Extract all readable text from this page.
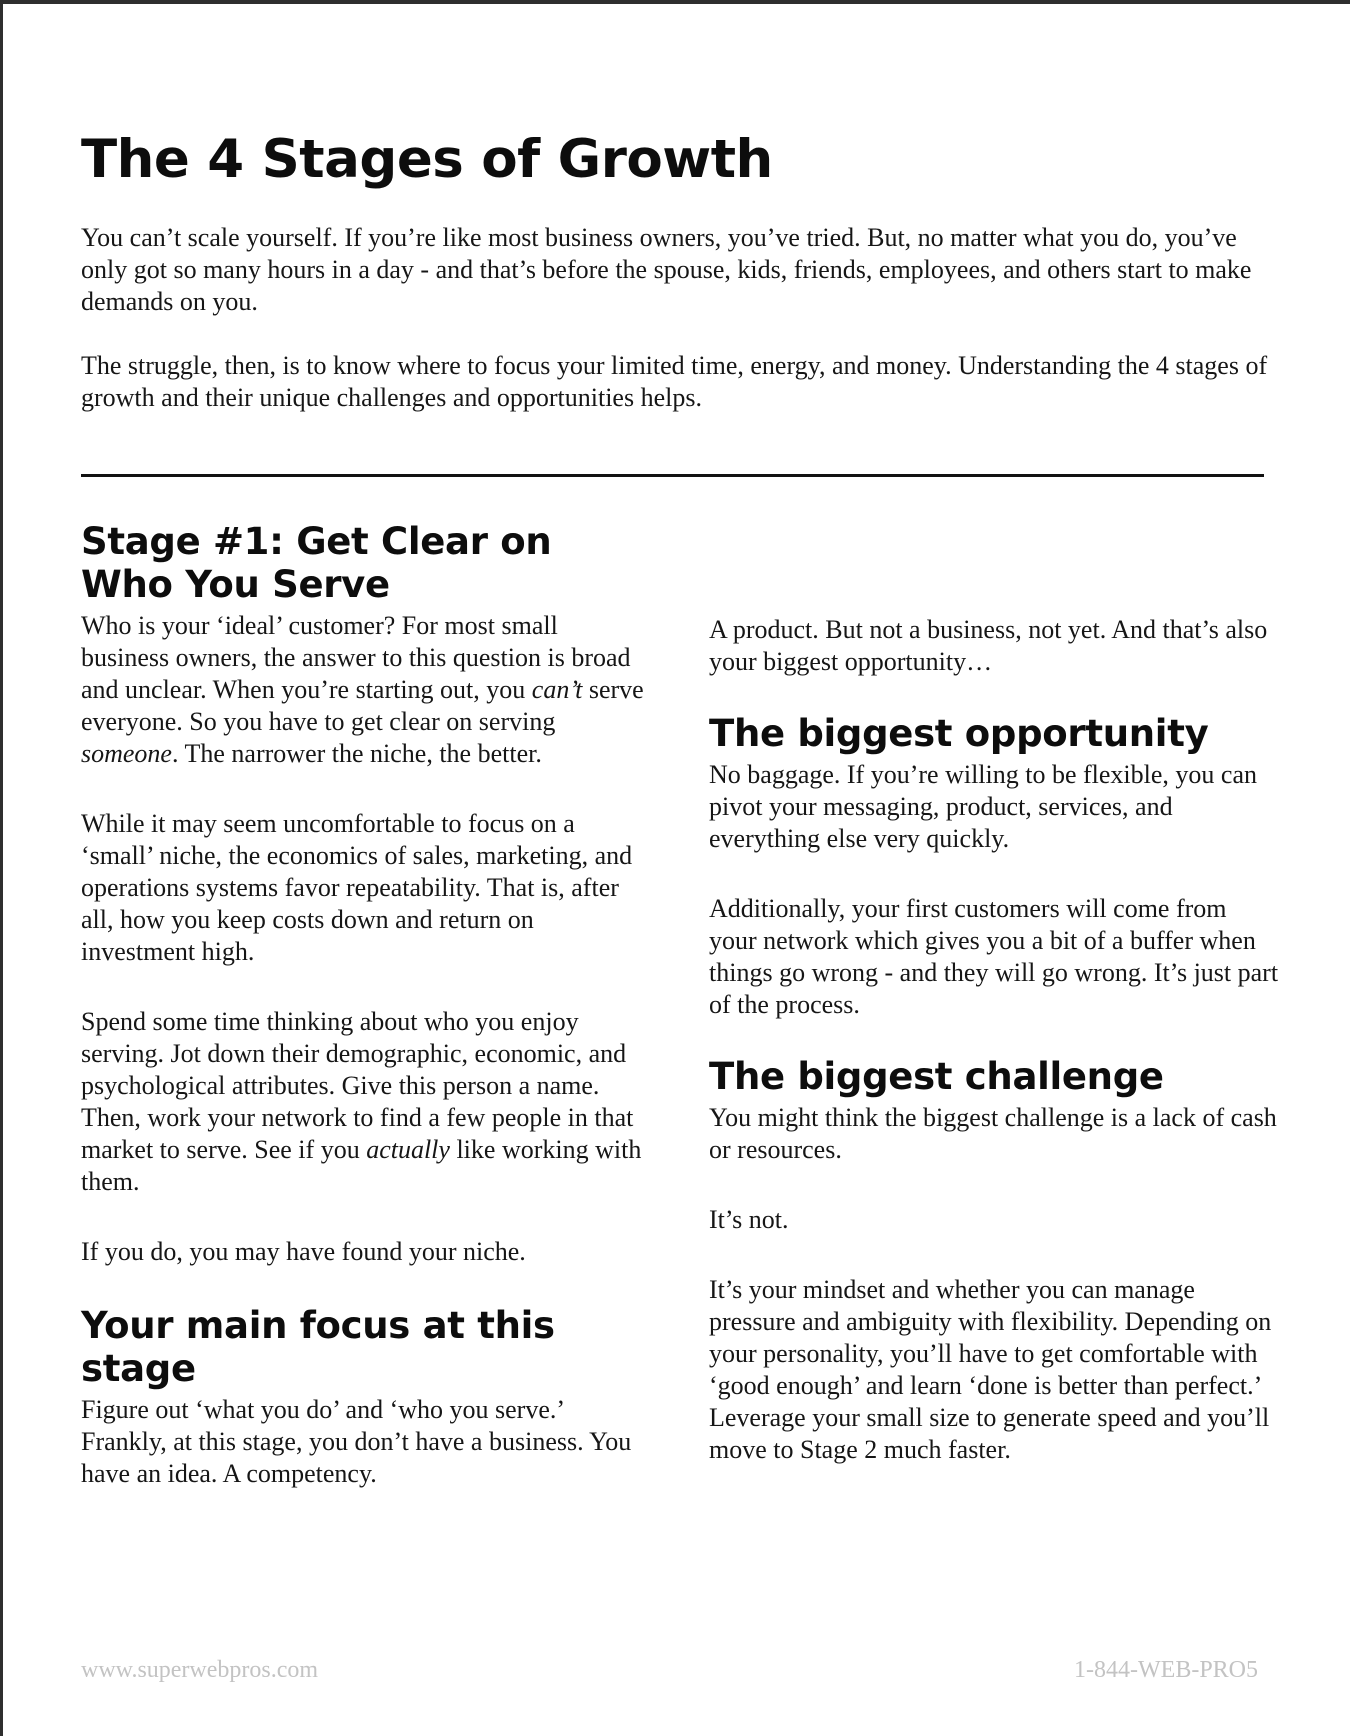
The 4 Stages of Growth

You can’t scale yourself. If you’re like most business owners, you’ve tried. But, no matter what you do, you’ve only got so many hours in a day - and that’s before the spouse, kids, friends, employees, and others start to make demands on you.

The struggle, then, is to know where to focus your limited time, energy, and money. Understanding the 4 stages of growth and their unique challenges and opportunities helps.

Stage #1: Get Clear on Who You Serve

Who is your ‘ideal’ customer? For most small business owners, the answer to this question is broad and unclear. When you’re starting out, you can’t serve everyone. So you have to get clear on serving someone. The narrower the niche, the better.

While it may seem uncomfortable to focus on a ‘small’ niche, the economics of sales, marketing, and operations systems favor repeatability. That is, after all, how you keep costs down and return on investment high.

Spend some time thinking about who you enjoy serving. Jot down their demographic, economic, and psychological attributes. Give this person a name. Then, work your network to find a few people in that market to serve. See if you actually like working with them.

If you do, you may have found your niche.

Your main focus at this stage

Figure out ‘what you do’ and ‘who you serve.’ Frankly, at this stage, you don’t have a business. You have an idea. A competency.

A product. But not a business, not yet. And that’s also your biggest opportunity…

The biggest opportunity

No baggage. If you’re willing to be flexible, you can pivot your messaging, product, services, and everything else very quickly.

Additionally, your first customers will come from your network which gives you a bit of a buffer when things go wrong - and they will go wrong. It’s just part of the process.

The biggest challenge

You might think the biggest challenge is a lack of cash or resources.

It’s not.

It’s your mindset and whether you can manage pressure and ambiguity with flexibility. Depending on your personality, you’ll have to get comfortable with ‘good enough’ and learn ‘done is better than perfect.’ Leverage your small size to generate speed and you’ll move to Stage 2 much faster.

www.superwebpros.com	1-844-WEB-PRO5
